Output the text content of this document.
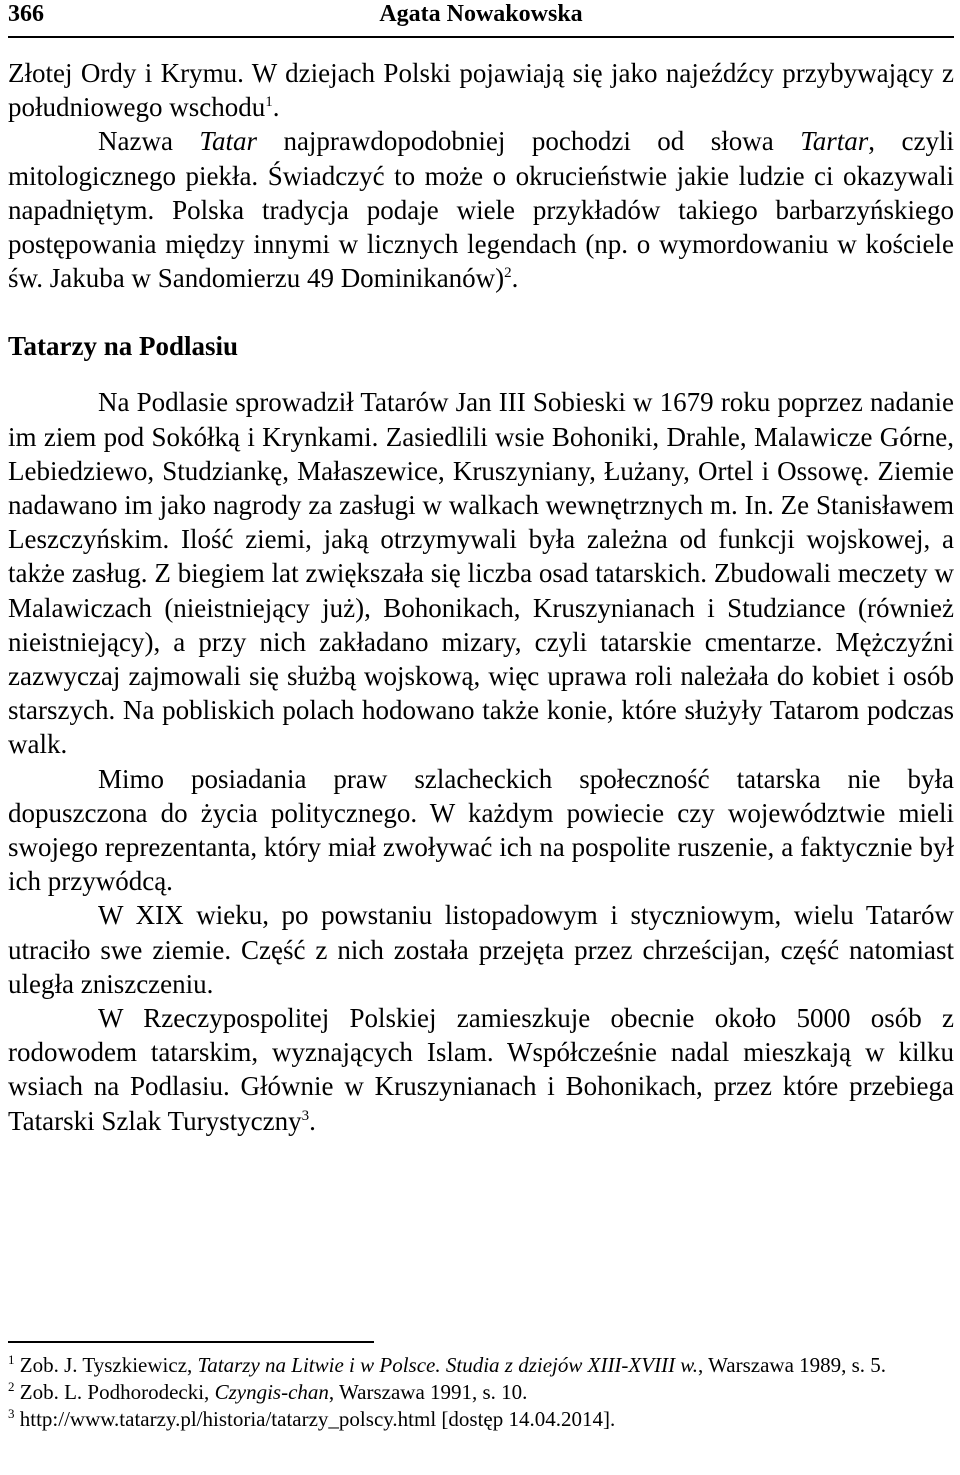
366	Agata Nowakowska

Złotej Ordy i Krymu. W dziejach Polski pojawiają się jako najeźdźcy przybywający z południowego wschodu$^1$.

Nazwa Tatar najprawdopodobniej pochodzi od słowa Tartar, czyli mitologicznego piekła. Świadczyć to może o okrucieństwie jakie ludzie ci okazywali napadniętym. Polska tradycja podaje wiele przykładów takiego barbarzyńskiego postępowania między innymi w licznych legendach (np. o wymordowaniu w kościele św. Jakuba w Sandomierzu 49 Dominikanów)$^2$.

Tatarzy na Podlasiu

Na Podlasie sprowadził Tatarów Jan III Sobieski w 1679 roku poprzez nadanie im ziem pod Sokółką i Krynkami. Zasiedlili wsie Bohoniki, Drahle, Malawicze Górne, Lebiedziewo, Studziankę, Małaszewice, Kruszyniany, Łużany, Ortel i Ossowę. Ziemie nadawano im jako nagrody za zasługi w walkach wewnętrznych m. In. Ze Stanisławem Leszczyńskim. Ilość ziemi, jaką otrzymywali była zależna od funkcji wojskowej, a także zasług. Z biegiem lat zwiększała się liczba osad tatarskich. Zbudowali meczety w Malawiczach (nieistniejący już), Bohonikach, Kruszynianach i Studziance (również nieistniejący), a przy nich zakładano mizary, czyli tatarskie cmentarze. Mężczyźni zazwyczaj zajmowali się służbą wojskową, więc uprawa roli należała do kobiet i osób starszych. Na pobliskich polach hodowano także konie, które służyły Tatarom podczas walk.

Mimo posiadania praw szlacheckich społeczność tatarska nie była dopuszczona do życia politycznego. W każdym powiecie czy województwie mieli swojego reprezentanta, który miał zwoływać ich na pospolite ruszenie, a faktycznie był ich przywódcą.

W XIX wieku, po powstaniu listopadowym i styczniowym, wielu Tatarów utraciło swe ziemie. Część z nich została przejęta przez chrześcijan, część natomiast uległa zniszczeniu.

W Rzeczypospolitej Polskiej zamieszkuje obecnie około 5000 osób z rodowodem tatarskim, wyznających Islam. Współcześnie nadal mieszkają w kilku wsiach na Podlasiu. Głównie w Kruszynianach i Bohonikach, przez które przebiega Tatarski Szlak Turystyczny$^3$.

$^1$ Zob. J. Tyszkiewicz, Tatarzy na Litwie i w Polsce. Studia z dziejów XIII-XVIII w., Warszawa 1989, s. 5.

$^2$ Zob. L. Podhorodecki, Czyngis-chan, Warszawa 1991, s. 10.

$^3$ http://www.tatarzy.pl/historia/tatarzy_polscy.html [dostęp 14.04.2014].
